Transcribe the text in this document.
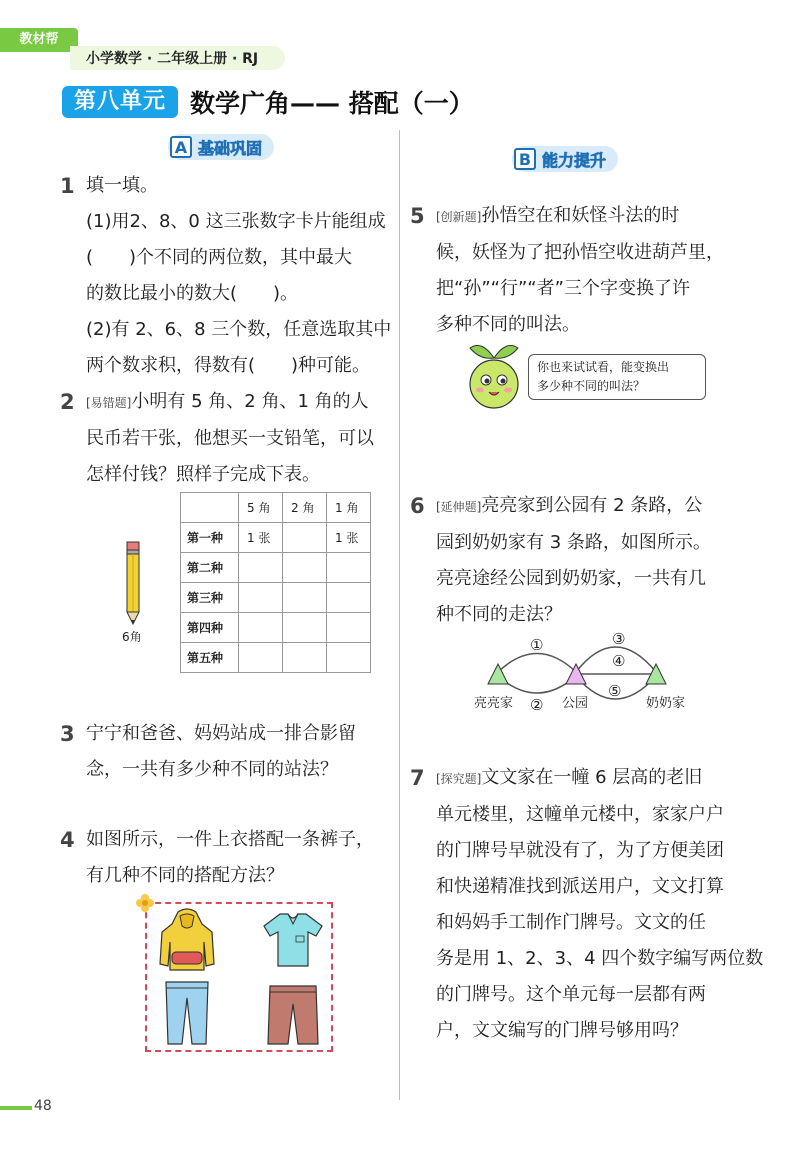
教材帮
小学数学 · 二年级上册 · RJ
第八单元 数学广角—— 搭配（一）
A 基础巩固
B 能力提升
1 填一填。
(1)用2、8、0 这三张数字卡片能组成
(　　)个不同的两位数，其中最大
的数比最小的数大(　　)。
(2)有 2、6、8 三个数，任意选取其中
两个数求积，得数有(　　)种可能。
2 [易错题]小明有 5 角、2 角、1 角的人
民币若干张，他想买一支铅笔，可以
怎样付钱？照样子完成下表。
6角
	5 角	2 角	1 角
第一种	1 张		1 张
第二种			
第三种			
第四种			
第五种			
3 宁宁和爸爸、妈妈站成一排合影留
念，一共有多少种不同的站法？
4 如图所示，一件上衣搭配一条裤子，
有几种不同的搭配方法？
5 [创新题]孙悟空在和妖怪斗法的时
候，妖怪为了把孙悟空收进葫芦里，
把“孙”“行”“者”三个字变换了许
多种不同的叫法。
你也来试试看，能变换出
多少种不同的叫法？
6 [延伸题]亮亮家到公园有 2 条路，公
园到奶奶家有 3 条路，如图所示。
亮亮途经公园到奶奶家，一共有几
种不同的走法？
①
②
③
④
⑤
亮亮家	公园	奶奶家
7 [探究题]文文家在一幢 6 层高的老旧
单元楼里，这幢单元楼中，家家户户
的门牌号早就没有了，为了方便美团
和快递精准找到派送用户，文文打算
和妈妈手工制作门牌号。文文的任
务是用 1、2、3、4 四个数字编写两位数
的门牌号。这个单元每一层都有两
户，文文编写的门牌号够用吗？
48
